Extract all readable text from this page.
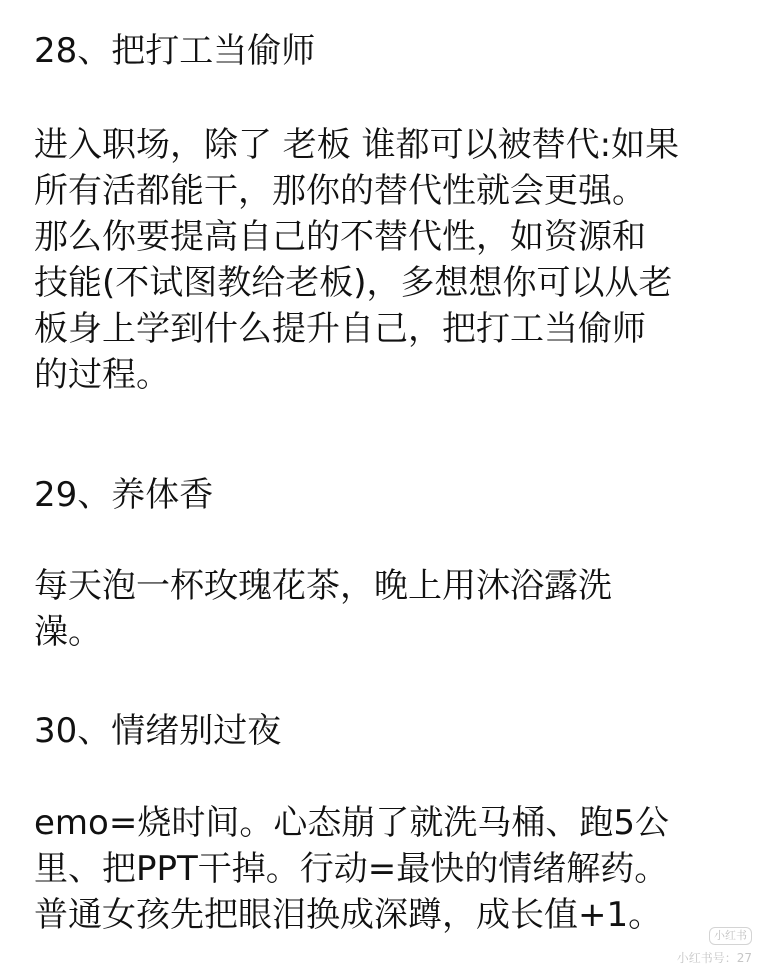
28、把打工当偷师
进入职场，除了 老板 谁都可以被替代:如果
所有活都能干，那你的替代性就会更强。
那么你要提高自己的不替代性，如资源和
技能(不试图教给老板)，多想想你可以从老
板身上学到什么提升自己，把打工当偷师
的过程。
29、养体香
每天泡一杯玫瑰花茶，晚上用沐浴露洗
澡。
30、情绪别过夜
emo=烧时间。心态崩了就洗马桶、跑5公
里、把PPT干掉。行动=最快的情绪解药。
普通女孩先把眼泪换成深蹲，成长值+1。
小红书
小红书号：27
